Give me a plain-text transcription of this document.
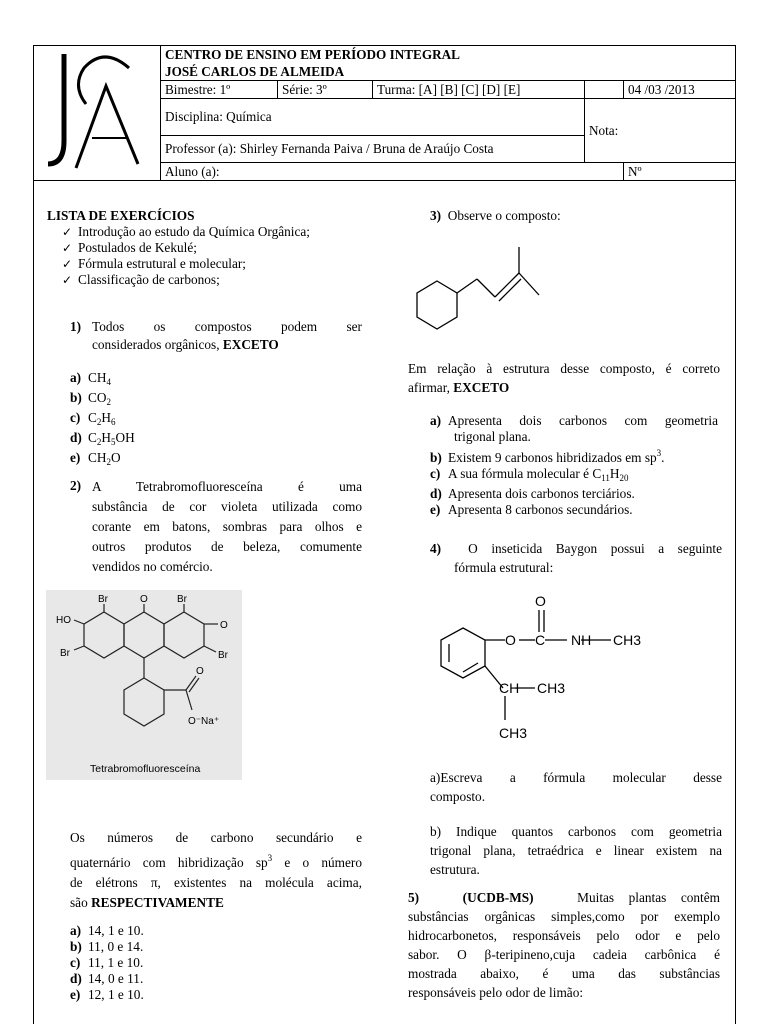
	CENTRO DE ENSINO EM PERÍODO INTEGRAL				
	JOSÉ CARLOS DE ALMEIDA				
	Bimestre: 1º	Série: 3º	Turma: [A] [B] [C] [D] [E]		04 /03 /2013
	Disciplina: Química			Nota:	
	Professor (a): Shirley Fernanda Paiva / Bruna de Araújo Costa				
	Aluno (a):				Nº
LISTA DE EXERCÍCIOS
✓ Introdução ao estudo da Química Orgânica;
✓ Postulados de Kekulé;
✓ Fórmula estrutural e molecular;
✓ Classificação de carbonos;
1) Todos os compostos podem ser
considerados orgânicos, EXCETO
a) $CH_4$
b) $CO_2$
c) $C_2H_6$
d) $C_2H_5OH$
e) $CH_2O$
2) A Tetrabromofluoresceína é uma
substância de cor violeta utilizada como
corante em batons, sombras para olhos e
outros produtos de beleza, comumente
vendidos no comércio.
Br	Br
O
HO
Br
O
Br
O
O⁻Na⁺
Tetrabromofluoresceína
Os números de carbono secundário e
quaternário com hibridização $sp^3$ e o número
de elétrons π, existentes na molécula acima,
são RESPECTIVAMENTE
a) 14, 1 e 10.
b) 11, 0 e 14.
c) 11, 1 e 10.
d) 14, 0 e 11.
e) 12, 1 e 10.
3) Observe o composto:
Em relação à estrutura desse composto, é correto
afirmar, EXCETO
a) Apresenta dois carbonos com geometria
trigonal plana.
b) Existem 9 carbonos hibridizados em $sp^3$.
c) A sua fórmula molecular é $C_{11}H_{20}$
d) Apresenta dois carbonos terciários.
e) Apresenta 8 carbonos secundários.
4) O inseticida Baygon possui a seguinte
fórmula estrutural:
O
O C NH CH3
CH CH3
CH3
a)Escreva a fórmula molecular desse
composto.
b) Indique quantos carbonos com geometria
trigonal plana, tetraédrica e linear existem na
estrutura.
5)	(UCDB-MS)	Muitas plantas contêm
substâncias orgânicas simples,como por exemplo
hidrocarbonetos, responsáveis pelo odor e pelo
sabor. O β-teripineno,cuja cadeia carbônica é
mostrada abaixo, é uma das substâncias
responsáveis pelo odor de limão:
